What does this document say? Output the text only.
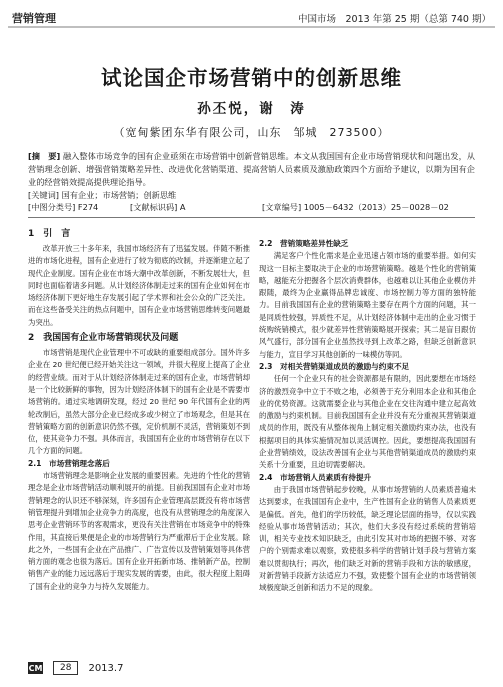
营销管理	中国市场　2013 年第 25 期（总第 740 期）
试论国企市场营销中的创新思维
孙丕悦，谢　涛
（宽甸紫团东华有限公司，山东　邹城　273500）

[摘　要] 融入整体市场竞争的国有企业亟须在市场营销中创新营销思维。本文从我国国有企业市场营销现状和问题出发，从营销理念创新、增强营销策略差异性、改进优化营销渠道、提高营销人员素质及激励政策四个方面给予建议，以期为国有企业的经营销效提高提供理论指导。

[关键词] 国有企业；市场营销；创新思维

[中图分类号] F274	[文献标识码] A	[文章编号] 1005－6432（2013）25－0028－02

1　引　言

改革开放三十多年来，我国市场经济有了迅猛发展。伴随不断推进的市场化进程，国有企业进行了较为彻底的改制，并逐渐建立起了现代企业制度。国有企业在市场大潮中改革创新，不断发展壮大，但同时也面临着诸多问题。从计划经济体制走过来的国有企业如何在市场经济体制下更好地生存发展引起了学术界和社会公众的广泛关注。而在这些备受关注的热点问题中，国有企业市场营销思维转变问题最为突出。

2　我国国有企业市场营销现状及问题

市场营销是现代企业管理中不可或缺的重要组成部分。国外许多企业在 20 世纪便已经开始关注这一领域，并很大程度上提高了企业的经营业绩。而对于从计划经济体制走过来的国有企业，市场营销却是一个比较新鲜的事物，因为计划经济体制下的国有企业是不需要市场营销的。通过实地调研发现，经过 20 世纪 90 年代国有企业的两轮改制后，虽然大部分企业已经成多或少树立了市场观念，但是其在营销策略方面的创新意识仍然不强，定价机制不灵活，营销策划不到位，使其竞争力不强。具体而言，我国国有企业的市场营销存在以下几个方面的问题。

2.1　市场营销理念落后

市场营销理念是影响企业发展的重要因素。先进的个性化的营销理念是企业市场营销活动顺利展开的前提。目前我国国有企业对市场营销理念的认识还不够深刻，许多国有企业管理高层既没有将市场营销管理提升到增加企业竞争力的高度，也没有从营销理念的角度深入思考企业营销环节的客观需求，更没有关注营销在市场竞争中的特殊作用，其直接后果便是企业的市场营销行为严重滞后于企业发展。除此之外，一些国有企业在产品推广、广告宣传以及营销策划等具体营销方面的观念也很为落后。国有企业开拓新市场、推销新产品，控制销售产业的能力远远落后于现实发展的需要，由此，很大程度上阻碍了国有企业的竞争力与持久发展能力。

2.2　营销策略差异性缺乏

满足客户个性化需求是企业迅速占领市场的重要举措。如何实现这一目标主要取决于企业的市场营销策略。越是个性化的营销策略，越能充分把握各个层次消费群体，也越难以让其他企业模仿并跟随，最终为企业赢得品牌忠诚度、市场控制力等方面的独特能力。目前我国国有企业的营销策略主要存在两个方面的问题，其一是同质性较强，异质性不足，从计划经济体制中走出的企业习惯于统购统销模式，很少就差异性营销策略展开探索；其二是盲目跟仿风气盛行，部分国有企业虽然找寻到上改革之路，但缺乏创新意识与能力，宣目学习其他创新的一味模仿等同。

2.3　对相关营销渠道成员的激励与约束不足

任何一个企业只有的社会资源都是有限的，因此要想在市场经济的激烈竞争中立于不败之地，必须善于充分利用本企业和其他企业的优势资源。这就需要企业与其他企业在交往沟通中建立起高效的激励与约束机制。目前我国国有企业并没有充分重视其营销渠道成员的作用，既没有从整体视角上制定相关激励约束办法，也没有根据项目的具体实施情况加以灵活调控。因此，要想提高我国国有企业营销绩效，设法改善国有企业与其他营销渠道成员的激励约束关系十分重要，且迫切需要解决。

2.4　市场营销人员素质有待提升

由于我国市场营销起步较晚，从事市场营销的人员素质普遍未达到要求，在我国国有企业中，生产性国有企业的销售人员素质更是偏低。首先，他们的学历较低，缺乏理论层面的指导，仅以实践经验从事市场营销活动；其次，他们大多没有经过系统的营销培训，相关专业技术知识缺乏，由此引发其对市场的把握不够、对客户的个别需求难以观察，致使很多科学的营销计划手段与营销方案难以贯彻执行；再次，他们缺乏对新的营销手段和方法的敏感度，对新营销手段新方法适应力不强，致使整个国有企业的市场营销领域极度缺乏创新和活力不足的现象。

CM	28	2013.7
